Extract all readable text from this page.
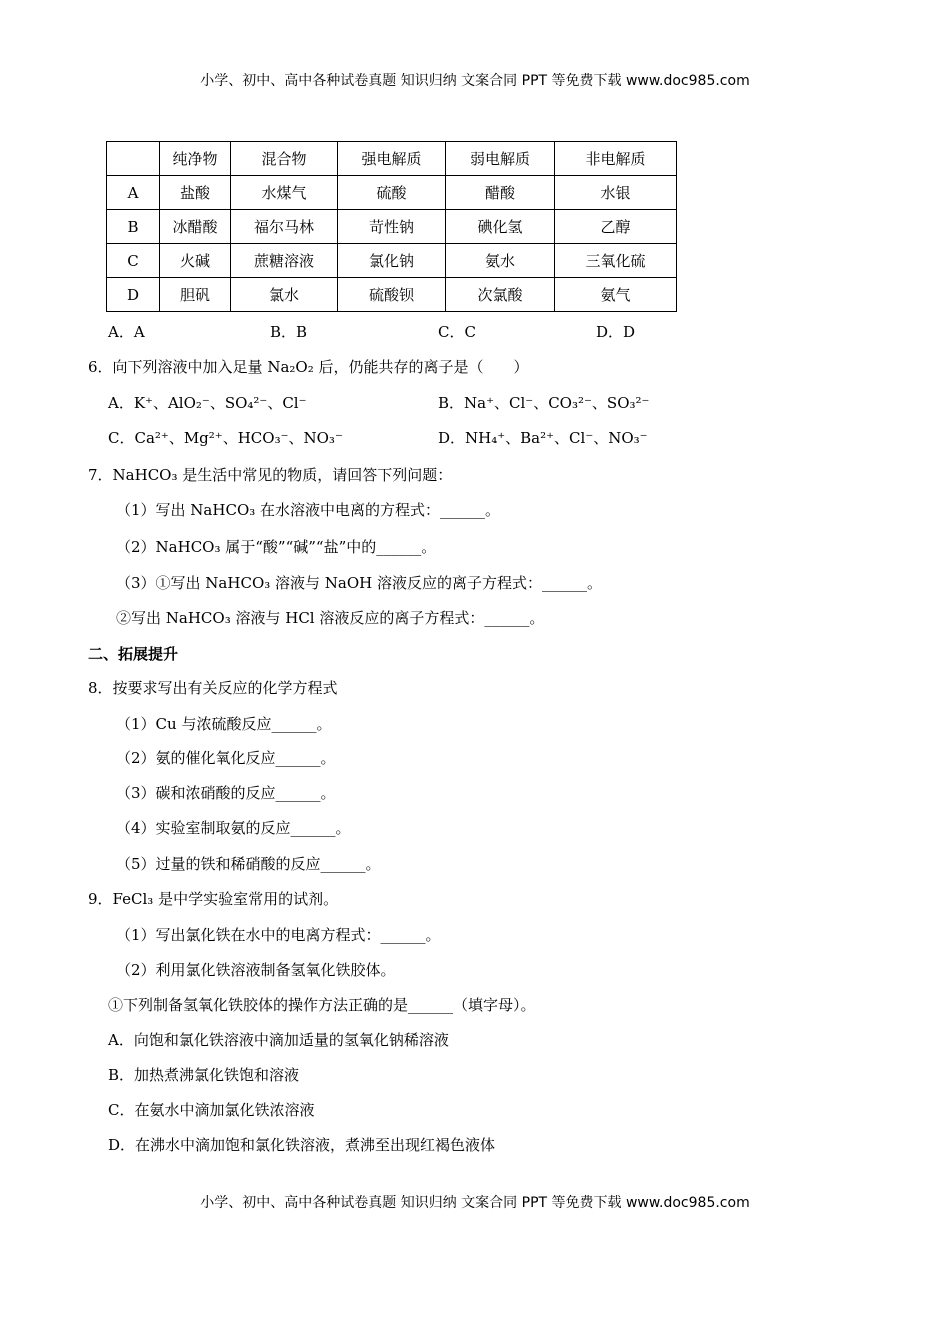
小学、初中、高中各种试卷真题 知识归纳 文案合同 PPT 等免费下载 www.doc985.com
	纯净物	混合物	强电解质	弱电解质	非电解质
A	盐酸	水煤气	硫酸	醋酸	水银
B	冰醋酸	福尔马林	苛性钠	碘化氢	乙醇
C	火碱	蔗糖溶液	氯化钠	氨水	三氧化硫
D	胆矾	氯水	硫酸钡	次氯酸	氨气
A．A	B．B	C．C	D．D
6．向下列溶液中加入足量 Na₂O₂ 后，仍能共存的离子是（　　）
A．K⁺、AlO₂⁻、SO₄²⁻、Cl⁻	B．Na⁺、Cl⁻、CO₃²⁻、SO₃²⁻
C．Ca²⁺、Mg²⁺、HCO₃⁻、NO₃⁻	D．NH₄⁺、Ba²⁺、Cl⁻、NO₃⁻
7．NaHCO₃ 是生活中常见的物质，请回答下列问题：
（1）写出 NaHCO₃ 在水溶液中电离的方程式：______。
（2）NaHCO₃ 属于“酸”“碱”“盐”中的______。
（3）①写出 NaHCO₃ 溶液与 NaOH 溶液反应的离子方程式：______。
②写出 NaHCO₃ 溶液与 HCl 溶液反应的离子方程式：______。
二、拓展提升
8．按要求写出有关反应的化学方程式
（1）Cu 与浓硫酸反应______。
（2）氨的催化氧化反应______。
（3）碳和浓硝酸的反应______。
（4）实验室制取氨的反应______。
（5）过量的铁和稀硝酸的反应______。
9．FeCl₃ 是中学实验室常用的试剂。
（1）写出氯化铁在水中的电离方程式：______。
（2）利用氯化铁溶液制备氢氧化铁胶体。
①下列制备氢氧化铁胶体的操作方法正确的是______（填字母）。
A．向饱和氯化铁溶液中滴加适量的氢氧化钠稀溶液
B．加热煮沸氯化铁饱和溶液
C．在氨水中滴加氯化铁浓溶液
D．在沸水中滴加饱和氯化铁溶液，煮沸至出现红褐色液体
小学、初中、高中各种试卷真题 知识归纳 文案合同 PPT 等免费下载 www.doc985.com
